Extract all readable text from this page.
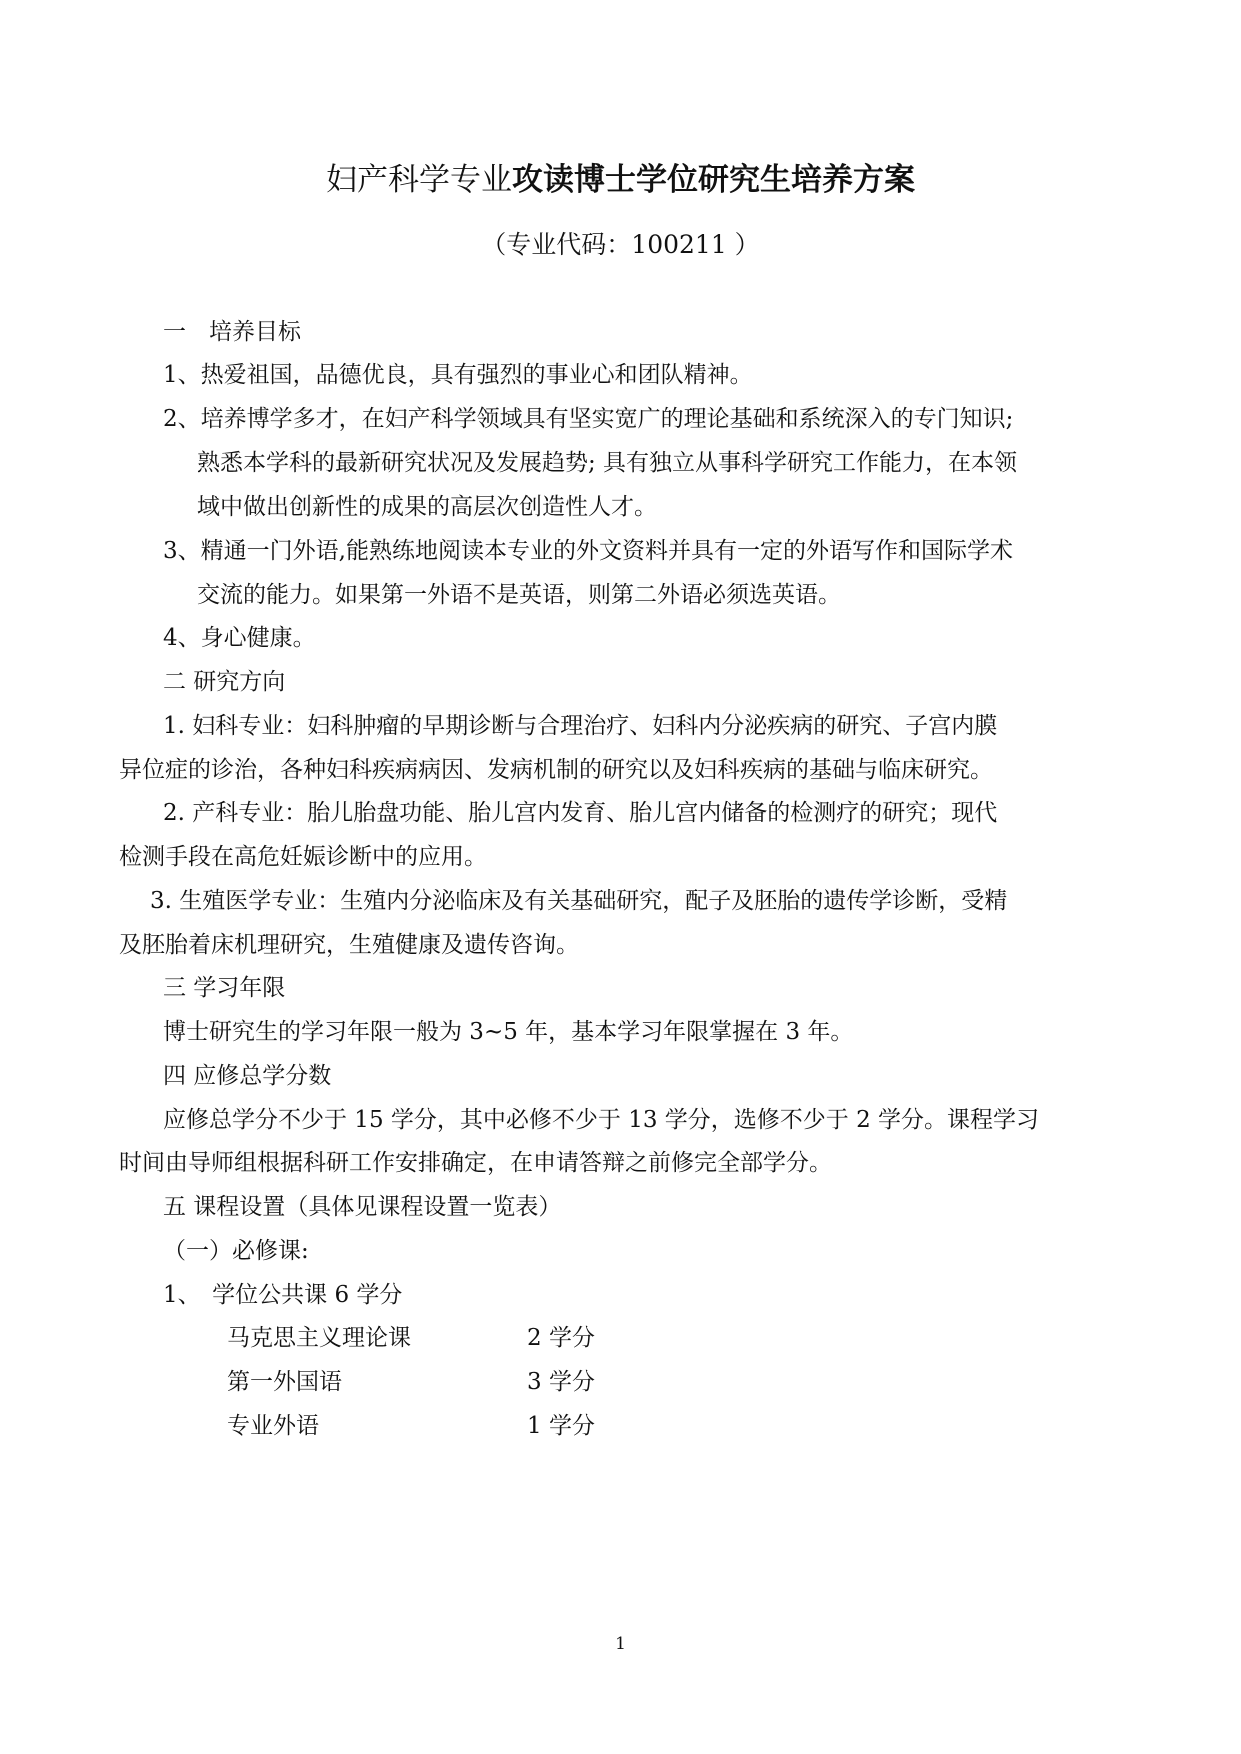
妇产科学专业攻读博士学位研究生培养方案
（专业代码：100211 ）
一　培养目标
1、热爱祖国，品德优良，具有强烈的事业心和团队精神。
2、培养博学多才，在妇产科学领域具有坚实宽广的理论基础和系统深入的专门知识;
熟悉本学科的最新研究状况及发展趋势; 具有独立从事科学研究工作能力，在本领
域中做出创新性的成果的高层次创造性人才。
3、精通一门外语,能熟练地阅读本专业的外文资料并具有一定的外语写作和国际学术
交流的能力。如果第一外语不是英语，则第二外语必须选英语。
4、身心健康。
二 研究方向
1. 妇科专业：妇科肿瘤的早期诊断与合理治疗、妇科内分泌疾病的研究、子宫内膜
异位症的诊治，各种妇科疾病病因、发病机制的研究以及妇科疾病的基础与临床研究。
2. 产科专业：胎儿胎盘功能、胎儿宫内发育、胎儿宫内储备的检测疗的研究；现代
检测手段在高危妊娠诊断中的应用。
3. 生殖医学专业：生殖内分泌临床及有关基础研究，配子及胚胎的遗传学诊断，受精
及胚胎着床机理研究，生殖健康及遗传咨询。
三 学习年限
博士研究生的学习年限一般为 3~5 年，基本学习年限掌握在 3 年。
四 应修总学分数
应修总学分不少于 15 学分，其中必修不少于 13 学分，选修不少于 2 学分。课程学习
时间由导师组根据科研工作安排确定，在申请答辩之前修完全部学分。
五 课程设置（具体见课程设置一览表）
（一）必修课:
1、　学位公共课 6 学分
马克思主义理论课	2 学分
第一外国语	3 学分
专业外语	1 学分
1
